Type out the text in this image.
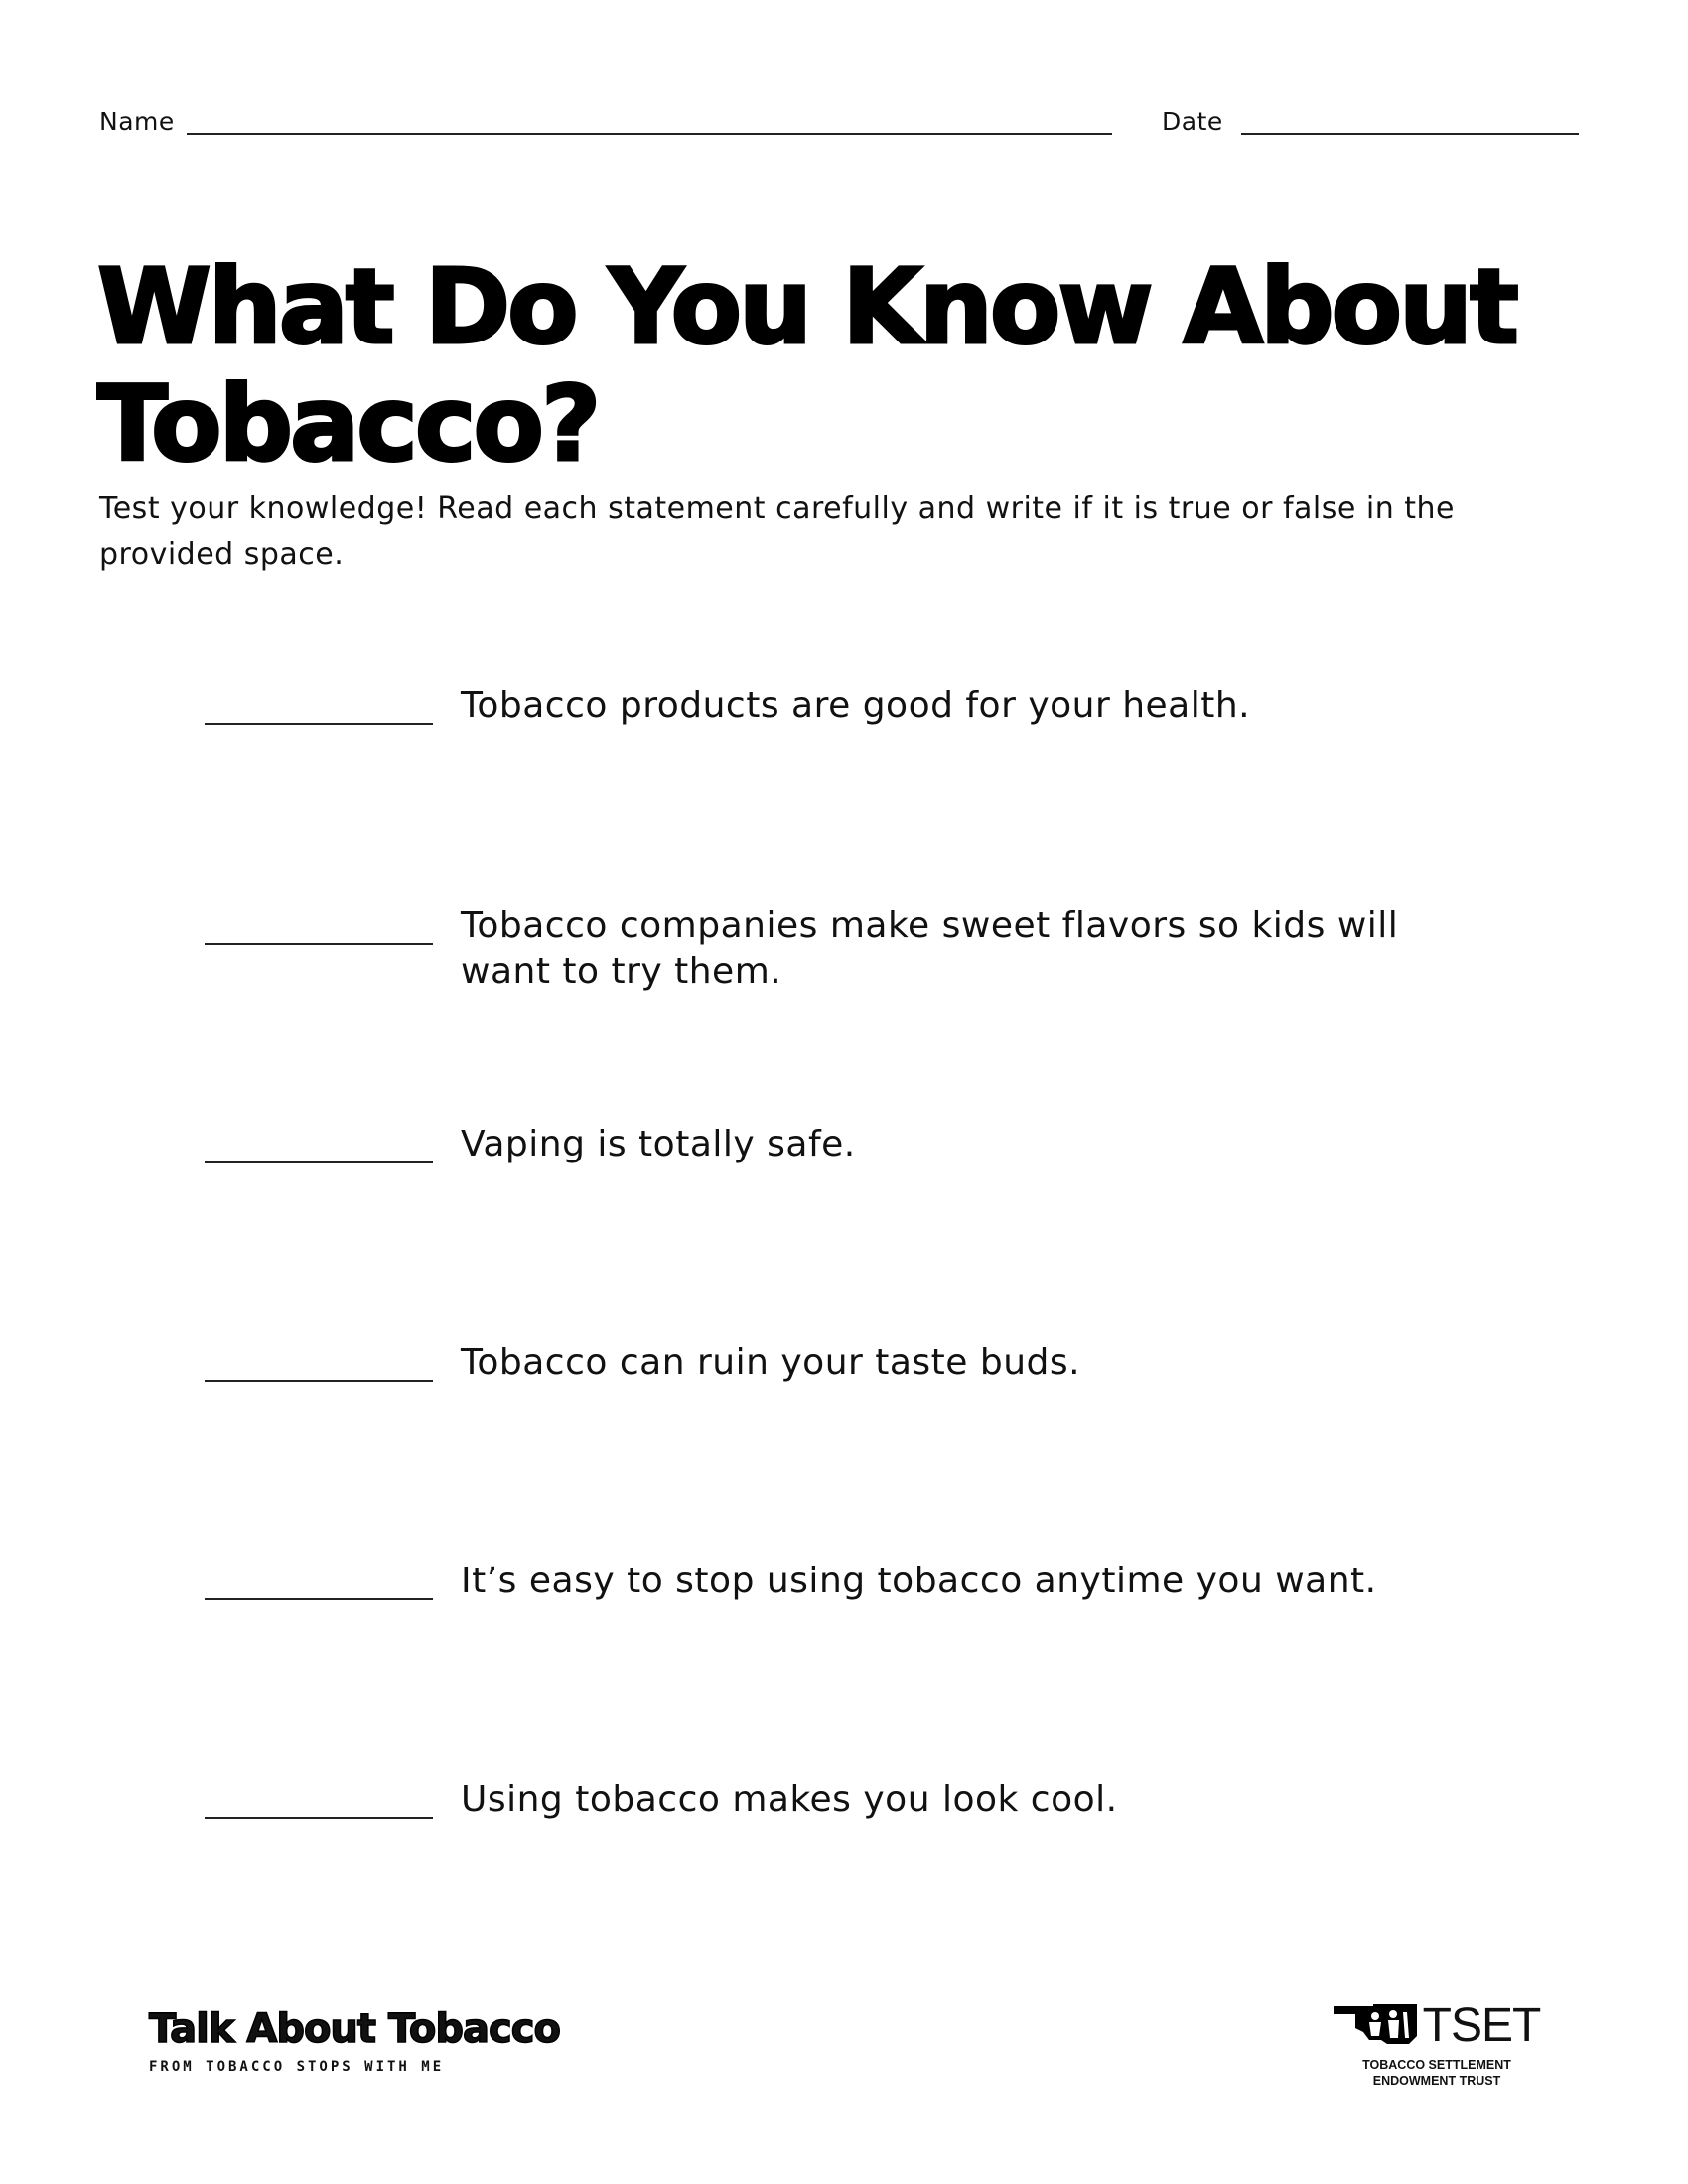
Name	Date
What Do You Know About Tobacco?

Test your knowledge! Read each statement carefully and write if it is true or false in the provided space.

Tobacco products are good for your health.
Tobacco companies make sweet flavors so kids will want to try them.
Vaping is totally safe.
Tobacco can ruin your taste buds.
It’s easy to stop using tobacco anytime you want.
Using tobacco makes you look cool.
Talk About Tobacco
FROM TOBACCO STOPS WITH ME
TSET
TOBACCO SETTLEMENT
ENDOWMENT TRUST
